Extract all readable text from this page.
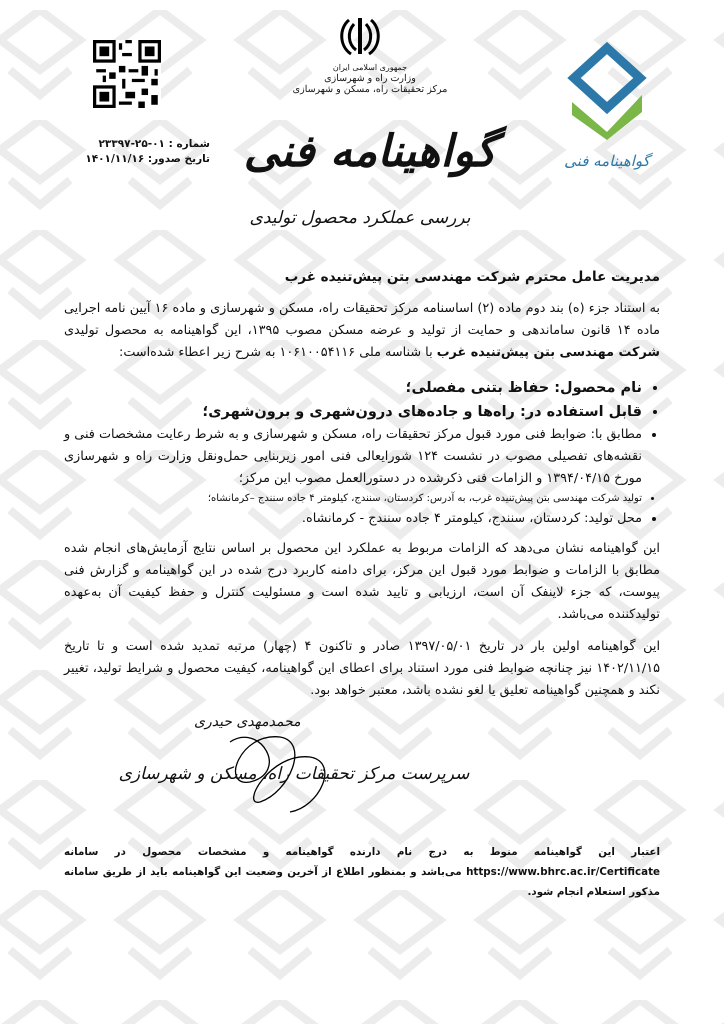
شماره : ۰۱-۲۵-۲۳۳۹۷
تاریخ صدور: ۱۴۰۱/۱۱/۱۶
جمهوری اسلامی ایران
وزارت راه و شهرسازی
مرکز تحقیقات راه، مسکن و شهرسازی
گواهینامه فنی
گواهینامه فنی
بررسی عملکرد محصول تولیدی
مدیریت عامل محترم شرکت مهندسی بتن پیش‌تنیده غرب

به استناد جزء (ه) بند دوم ماده (۲) اساسنامه مرکز تحقیقات راه، مسکن و شهرسازی و ماده ۱۶ آیین نامه اجرایی ماده ۱۴ قانون ساماندهی و حمایت از تولید و عرضه مسکن مصوب ۱۳۹۵، این گواهینامه به محصول تولیدی شرکت مهندسی بتن پیش‌تنیده غرب با شناسه ملی ۱۰۶۱۰۰۵۴۱۱۶ به شرح زیر اعطاء شده‌است:

• نام محصول: حفاظ بتنی مفصلی؛
• قابل استفاده در: راه‌ها و جاده‌های درون‌شهری و برون‌شهری؛
• مطابق با: ضوابط فنی مورد قبول مرکز تحقیقات راه، مسکن و شهرسازی و به شرط رعایت مشخصات فنی و نقشه‌های تفصیلی مصوب در نشست ۱۲۴ شورایعالی فنی امور زیربنایی حمل‌ونقل وزارت راه و شهرسازی مورخ ۱۳۹۴/۰۴/۱۵ و الزامات فنی ذکرشده در دستورالعمل مصوب این مرکز؛
• تولید شرکت مهندسی بتن پیش‌تنیده غرب، به آدرس: کردستان، سنندج، کیلومتر ۴ جاده سنندج –کرمانشاه؛
• محل تولید: کردستان، سنندج، کیلومتر ۴ جاده سنندج - کرمانشاه.

این گواهینامه نشان می‌دهد که الزامات مربوط به عملکرد این محصول بر اساس نتایج آزمایش‌های انجام شده مطابق با الزامات و ضوابط مورد قبول این مرکز، برای دامنه کاربرد درج شده در این گواهینامه و گزارش فنی پیوست، که جزء لاینفک آن است، ارزیابی و تایید شده است و مسئولیت کنترل و حفظ کیفیت آن به‌عهده تولیدکننده می‌باشد.

این گواهینامه اولین بار در تاریخ ۱۳۹۷/۰۵/۰۱ صادر و تاکنون ۴ (چهار) مرتبه تمدید شده است و تا تاریخ ۱۴۰۲/۱۱/۱۵ نیز چنانچه ضوابط فنی مورد استناد برای اعطای این گواهینامه، کیفیت محصول و شرایط تولید، تغییر نکند و همچنین گواهینامه تعلیق یا لغو نشده باشد، معتبر خواهد بود.

محمدمهدی حیدری
سرپرست مرکز تحقیقات راه، مسکن و شهرسازی
اعتبار این گواهینامه منوط به درج نام دارنده گواهینامه و مشخصات محصول در سامانه https://www.bhrc.ac.ir/Certificate می‌باشد و بمنظور اطلاع از آخرین وضعیت این گواهینامه باید از طریق سامانه مذکور استعلام انجام شود.
